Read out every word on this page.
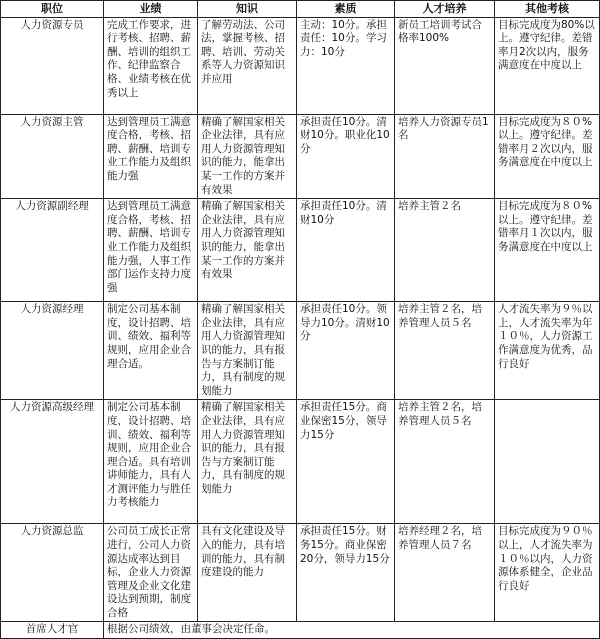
职位	业绩	知识	素质	人才培养	其他考核
人力资源专员	完成工作要求，进行考核、招聘、薪酬、培训的组织工作、纪律监察合格、业绩考核在优秀以上	了解劳动法、公司法，掌握考核、招聘、培训、劳动关系等人力资源知识并应用	主动：10分。承担责任：10分。学习力：10分	新员工培训考试合格率100%	目标完成度为80%以上。遵守纪律。差错率月2次以内，服务满意度在中度以上
人力资源主管	达到管理员工满意度合格，考核、招聘、薪酬、培训专业工作能力及组织能力强	精确了解国家相关企业法律，具有应用人力资源管理知识的能力，能拿出某一工作的方案并有效果	承担责任10分。清财10分。职业化10分	培养人力资源专员1名	目标完成度为８０%以上。遵守纪律。差错率月２次以内，服务满意度在中度以上
人力资源副经理	达到管理员工满意度合格，考核、招聘、薪酬、培训专业工作能力及组织能力强，人事工作部门运作支持力度强	精确了解国家相关企业法律，具有应用人力资源管理知识的能力，能拿出某一工作的方案并有效果	承担责任10分。清财10分	培养主管２名	目标完成度为８０%以上。遵守纪律。差错率月１次以内，服务满意度在中度以上
人力资源经理	制定公司基本制度，设计招聘、培训、绩效、福利等规则，应用企业合理合适。	精确了解国家相关企业法律，具有应用人力资源管理知识的能力，具有报告与方案制订能力，具有制度的规划能力	承担责任10分。领导力10分。清财10分	培养主管２名，培养管理人员５名	人才流失率为９％以上，人才流失率为年１０％，人力资源工作满意度为优秀，品行良好
人力资源高级经理	制定公司基本制度，设计招聘、培训、绩效、福利等规则，应用企业合理合适。具有培训讲师能力，具有人才测评能力与胜任力考核能力	精确了解国家相关企业法律，具有应用人力资源管理知识的能力，具有报告与方案制订能力，具有制度的规划能力	承担责任15分。商业保密15分，领导力15分	培养主管２名，培养管理人员５名	
人力资源总监	公司员工成长正常进行，公司人力资源达成率达到目标，企业人力资源管理及企业文化建设达到预期，制度合格	具有文化建设及导入的能力，具有培训的能力，具有制度建设的能力	承担责任15分。财务15分。商业保密20分，领导力15分	培养经理２名，培养管理人员７名	目标完成度为９０％以上，人才流失率为１０％以内，人力资源体系健全，企业品行良好
首席人才官	根据公司绩效，由董事会决定任命。				
